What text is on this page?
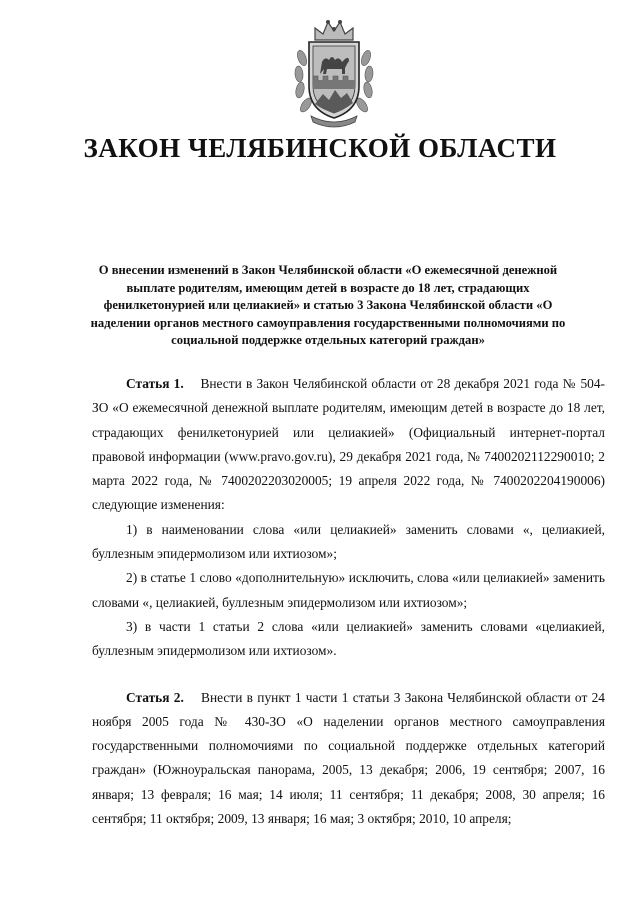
ЗАКОН ЧЕЛЯБИНСКОЙ ОБЛАСТИ
О внесении изменений в Закон Челябинской области «О ежемесячной денежной выплате родителям, имеющим детей в возрасте до 18 лет, страдающих фенилкетонурией или целиакией» и статью 3 Закона Челябинской области «О наделении органов местного самоуправления государственными полномочиями по социальной поддержке отдельных категорий граждан»

Статья 1. Внести в Закон Челябинской области от 28 декабря 2021 года № 504-ЗО «О ежемесячной денежной выплате родителям, имеющим детей в возрасте до 18 лет, страдающих фенилкетонурией или целиакией» (Официальный интернет-портал правовой информации (www.pravo.gov.ru), 29 декабря 2021 года, № 7400202112290010; 2 марта 2022 года, № 7400202203020005; 19 апреля 2022 года, № 7400202204190006) следующие изменения:

1) в наименовании слова «или целиакией» заменить словами «, целиакией, буллезным эпидермолизом или ихтиозом»;

2) в статье 1 слово «дополнительную» исключить, слова «или целиакией» заменить словами «, целиакией, буллезным эпидермолизом или ихтиозом»;

3) в части 1 статьи 2 слова «или целиакией» заменить словами «целиакией, буллезным эпидермолизом или ихтиозом».

Статья 2. Внести в пункт 1 части 1 статьи 3 Закона Челябинской области от 24 ноября 2005 года № 430-ЗО «О наделении органов местного самоуправления государственными полномочиями по социальной поддержке отдельных категорий граждан» (Южноуральская панорама, 2005, 13 декабря; 2006, 19 сентября; 2007, 16 января; 13 февраля; 16 мая; 14 июля; 11 сентября; 11 декабря; 2008, 30 апреля; 16 сентября; 11 октября; 2009, 13 января; 16 мая; 3 октября; 2010, 10 апреля;
